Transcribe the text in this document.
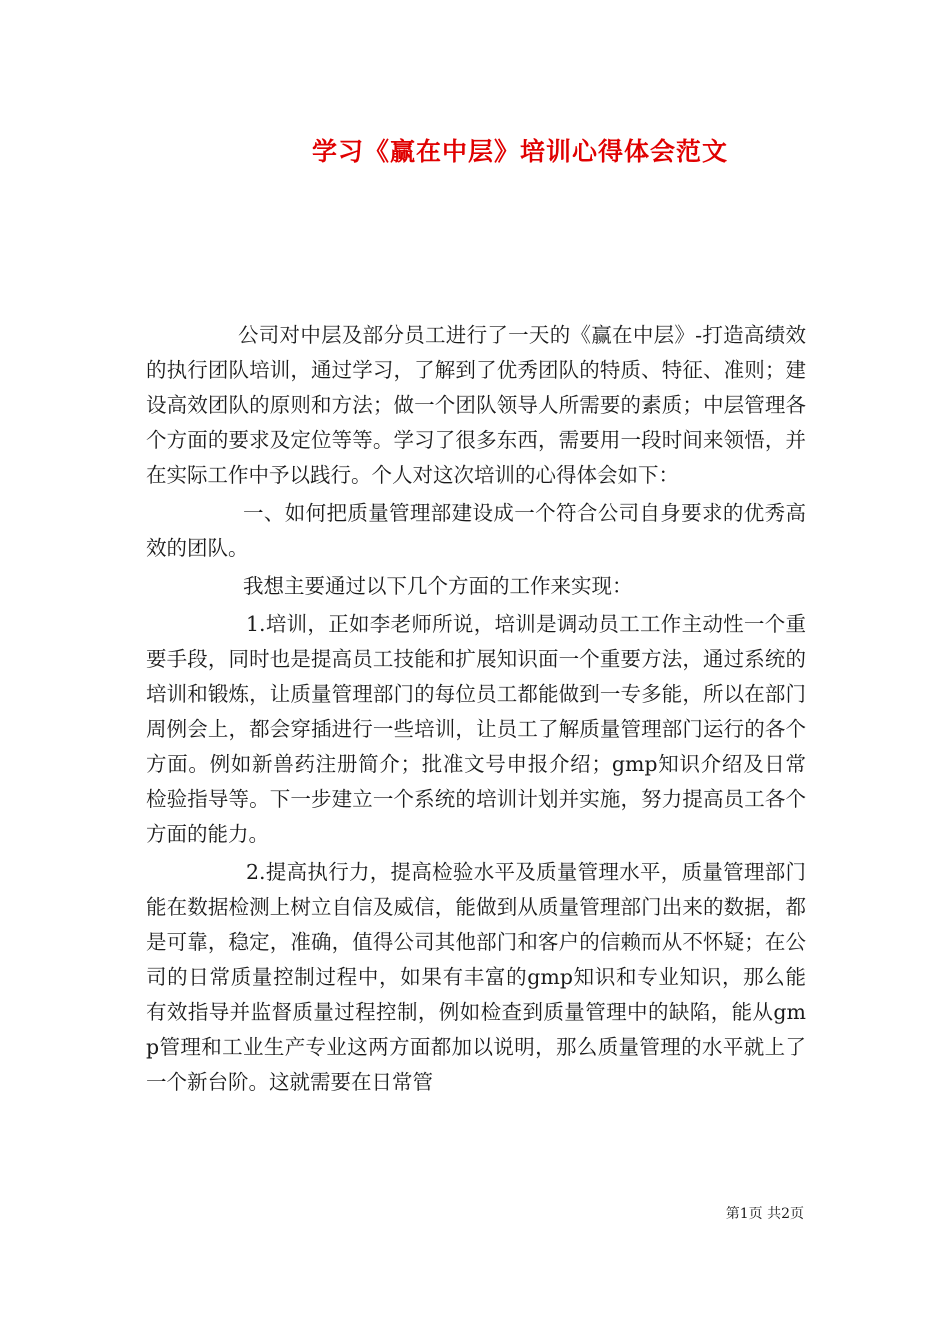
学习《赢在中层》培训心得体会范文

公司对中层及部分员工进行了一天的《赢在中层》-打造高绩效的执行团队培训，通过学习，了解到了优秀团队的特质、特征、准则；建设高效团队的原则和方法；做一个团队领导人所需要的素质；中层管理各个方面的要求及定位等等。学习了很多东西，需要用一段时间来领悟，并在实际工作中予以践行。个人对这次培训的心得体会如下：

一、如何把质量管理部建设成一个符合公司自身要求的优秀高效的团队。

我想主要通过以下几个方面的工作来实现：

1.培训，正如李老师所说，培训是调动员工工作主动性一个重要手段，同时也是提高员工技能和扩展知识面一个重要方法，通过系统的培训和锻炼，让质量管理部门的每位员工都能做到一专多能，所以在部门周例会上，都会穿插进行一些培训，让员工了解质量管理部门运行的各个方面。例如新兽药注册简介；批准文号申报介绍；gmp知识介绍及日常检验指导等。下一步建立一个系统的培训计划并实施，努力提高员工各个方面的能力。

2.提高执行力，提高检验水平及质量管理水平，质量管理部门能在数据检测上树立自信及威信，能做到从质量管理部门出来的数据，都是可靠，稳定，准确，值得公司其他部门和客户的信赖而从不怀疑；在公司的日常质量控制过程中，如果有丰富的gmp知识和专业知识，那么能有效指导并监督质量过程控制，例如检查到质量管理中的缺陷，能从gmp管理和工业生产专业这两方面都加以说明，那么质量管理的水平就上了一个新台阶。这就需要在日常管

第1页 共2页
